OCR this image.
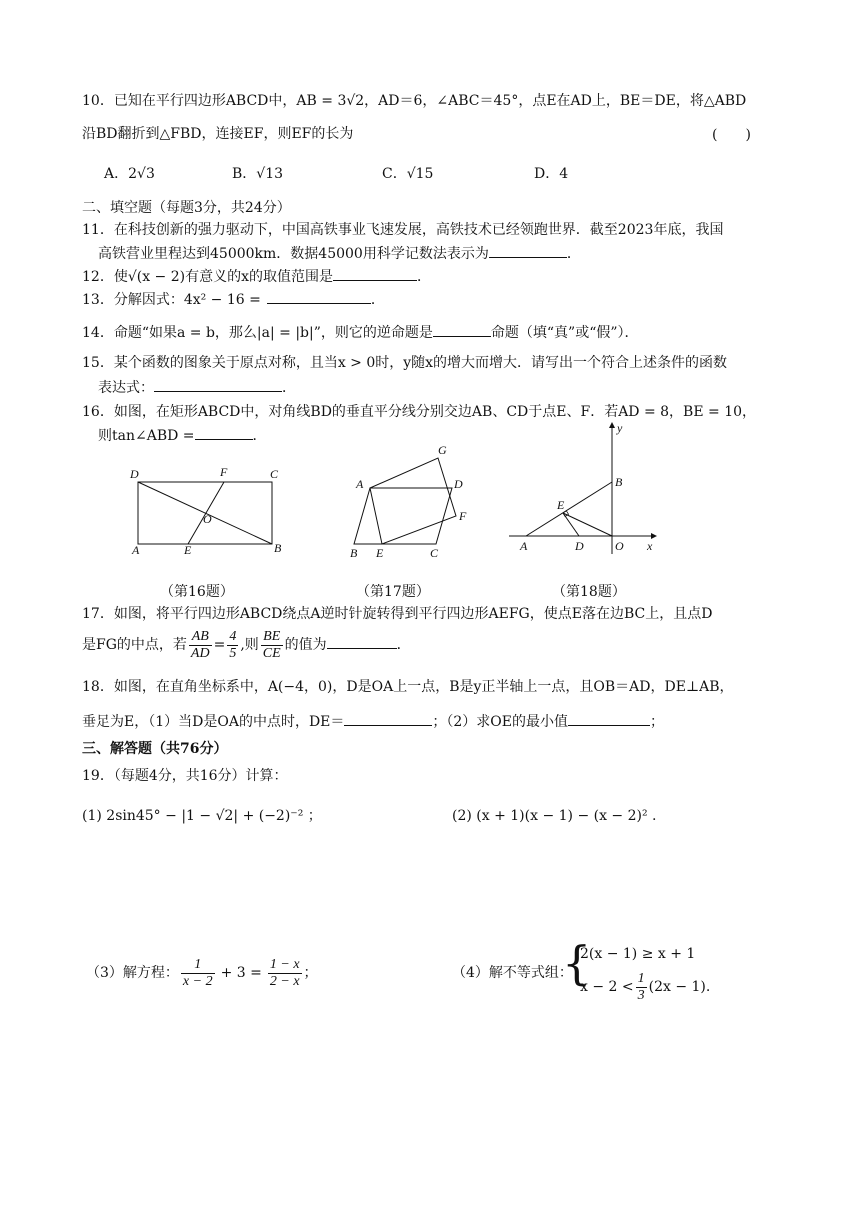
10．已知在平行四边形ABCD中，AB = 3√2，AD＝6，∠ABC＝45°，点E在AD上，BE＝DE，将△ABD
沿BD翻折到△FBD，连接EF，则EF的长为	(　　)
A．2√3	B．√13	C．√15	D．4
二、填空题（每题3分，共24分）
11．在科技创新的强力驱动下，中国高铁事业飞速发展，高铁技术已经领跑世界．截至2023年底，我国
高铁营业里程达到45000km．数据45000用科学记数法表示为	．
12．使√(x − 2)有意义的x的取值范围是	．
13．分解因式：4x² − 16 =	．
14．命题“如果a = b，那么|a| = |b|”，则它的逆命题是	命题（填“真”或“假”）．
15．某个函数的图象关于原点对称，且当x > 0时，y随x的增大而增大．请写出一个符合上述条件的函数
表达式：	．
16．如图，在矩形ABCD中，对角线BD的垂直平分线分别交边AB、CD于点E、F．若AD = 8，BE = 10，
则tan∠ABD =	．
D	F	C
O
A	E	B
G
A	D
F
B E	C
y
B
E
A	D	O x
（第16题）	（第17题）	（第18题）
17．如图，将平行四边形ABCD绕点A逆时针旋转得到平行四边形AEFG，使点E落在边BC上，且点D
是FG的中点，若 $\frac{AB}{AD} = \frac{4}{5}$ ,则 $\frac{BE}{CE}$ 的值为	．
18．如图，在直角坐标系中，A(−4，0)，D是OA上一点，B是y正半轴上一点，且OB＝AD，DE⊥AB，
垂足为E，（1）当D是OA的中点时，DE＝	；（2）求OE的最小值	；
三、解答题（共76分）
19．（每题4分，共16分）计算：
(1) 2sin45° − |1 − √2| + (−2)⁻² ；	(2) (x + 1)(x − 1) − (x − 2)² .
（3）解方程： $\frac{1}{x - 2} + 3 = \frac{1 - x}{2 - x}$ ；	（4）解不等式组：
{
2(x − 1) ≥ x + 1
$x - 2 < \frac{1}{3} (2x - 1)$.
